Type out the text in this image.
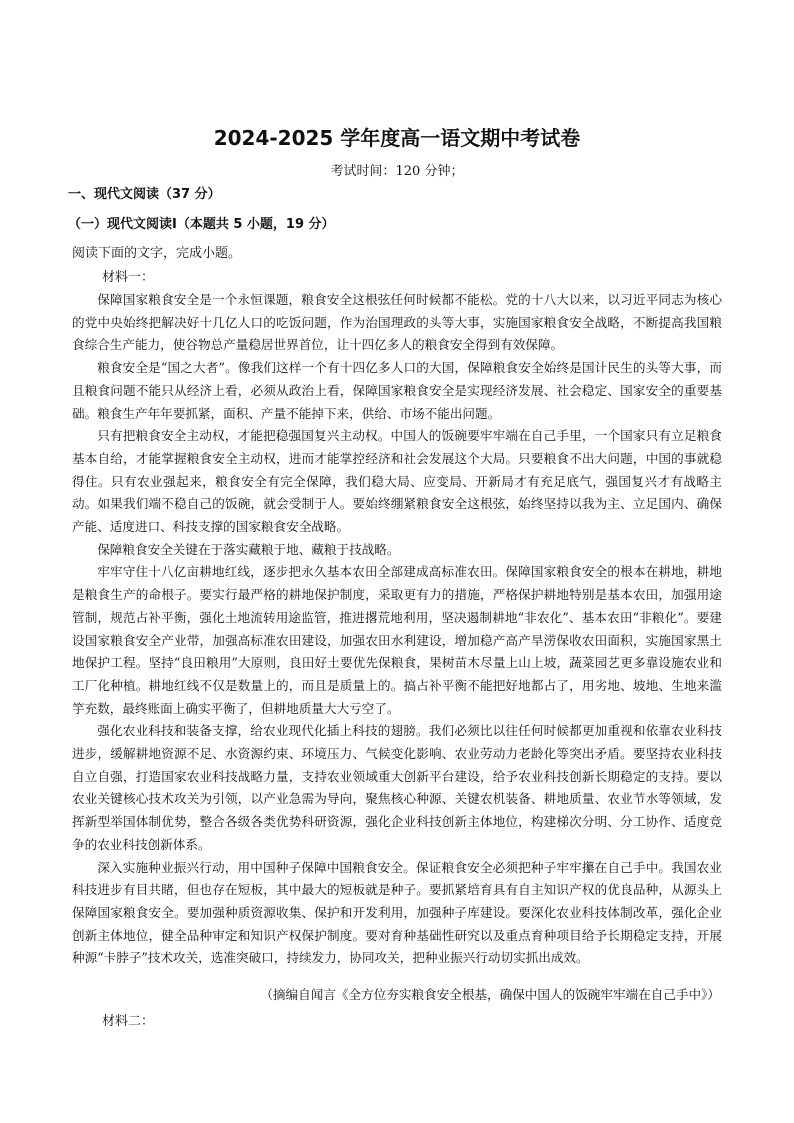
2024-2025 学年度高一语文期中考试卷
考试时间：120 分钟；
一、现代文阅读（37 分）
（一）现代文阅读Ⅰ（本题共 5 小题，19 分）
阅读下面的文字，完成小题。
材料一：

保障国家粮食安全是一个永恒课题，粮食安全这根弦任何时候都不能松。党的十八大以来，以习近平同志为核心的党中央始终把解决好十几亿人口的吃饭问题，作为治国理政的头等大事，实施国家粮食安全战略，不断提高我国粮食综合生产能力，使谷物总产量稳居世界首位，让十四亿多人的粮食安全得到有效保障。

粮食安全是“国之大者”。像我们这样一个有十四亿多人口的大国，保障粮食安全始终是国计民生的头等大事，而且粮食问题不能只从经济上看，必须从政治上看，保障国家粮食安全是实现经济发展、社会稳定、国家安全的重要基础。粮食生产年年要抓紧，面积、产量不能掉下来，供给、市场不能出问题。

只有把粮食安全主动权，才能把稳强国复兴主动权。中国人的饭碗要牢牢端在自己手里，一个国家只有立足粮食基本自给，才能掌握粮食安全主动权，进而才能掌控经济和社会发展这个大局。只要粮食不出大问题，中国的事就稳得住。只有农业强起来，粮食安全有完全保障，我们稳大局、应变局、开新局才有充足底气，强国复兴才有战略主动。如果我们端不稳自己的饭碗，就会受制于人。要始终绷紧粮食安全这根弦，始终坚持以我为主、立足国内、确保产能、适度进口、科技支撑的国家粮食安全战略。

保障粮食安全关键在于落实藏粮于地、藏粮于技战略。

牢牢守住十八亿亩耕地红线，逐步把永久基本农田全部建成高标准农田。保障国家粮食安全的根本在耕地，耕地是粮食生产的命根子。要实行最严格的耕地保护制度，采取更有力的措施，严格保护耕地特别是基本农田，加强用途管制，规范占补平衡，强化土地流转用途监管，推进撂荒地利用，坚决遏制耕地“非农化”、基本农田“非粮化”。要建设国家粮食安全产业带，加强高标准农田建设，加强农田水利建设，增加稳产高产旱涝保收农田面积，实施国家黑土地保护工程。坚持“良田粮用”大原则，良田好土要优先保粮食，果树苗木尽量上山上坡，蔬菜园艺更多靠设施农业和工厂化种植。耕地红线不仅是数量上的，而且是质量上的。搞占补平衡不能把好地都占了，用劣地、坡地、生地来滥竽充数，最终账面上确实平衡了，但耕地质量大大亏空了。

强化农业科技和装备支撑，给农业现代化插上科技的翅膀。我们必须比以往任何时候都更加重视和依靠农业科技进步，缓解耕地资源不足、水资源约束、环境压力、气候变化影响、农业劳动力老龄化等突出矛盾。要坚持农业科技自立自强，打造国家农业科技战略力量，支持农业领域重大创新平台建设，给予农业科技创新长期稳定的支持。要以农业关键核心技术攻关为引领，以产业急需为导向，聚焦核心种源、关键农机装备、耕地质量、农业节水等领域，发挥新型举国体制优势，整合各级各类优势科研资源，强化企业科技创新主体地位，构建梯次分明、分工协作、适度竞争的农业科技创新体系。

深入实施种业振兴行动，用中国种子保障中国粮食安全。保证粮食安全必须把种子牢牢攥在自己手中。我国农业科技进步有目共睹，但也存在短板，其中最大的短板就是种子。要抓紧培育具有自主知识产权的优良品种，从源头上保障国家粮食安全。要加强种质资源收集、保护和开发利用，加强种子库建设。要深化农业科技体制改革，强化企业创新主体地位，健全品种审定和知识产权保护制度。要对育种基础性研究以及重点育种项目给予长期稳定支持，开展种源“卡脖子”技术攻关，选准突破口，持续发力，协同攻关，把种业振兴行动切实抓出成效。

（摘编自闻言《全方位夯实粮食安全根基，确保中国人的饭碗牢牢端在自己手中》）
材料二：
